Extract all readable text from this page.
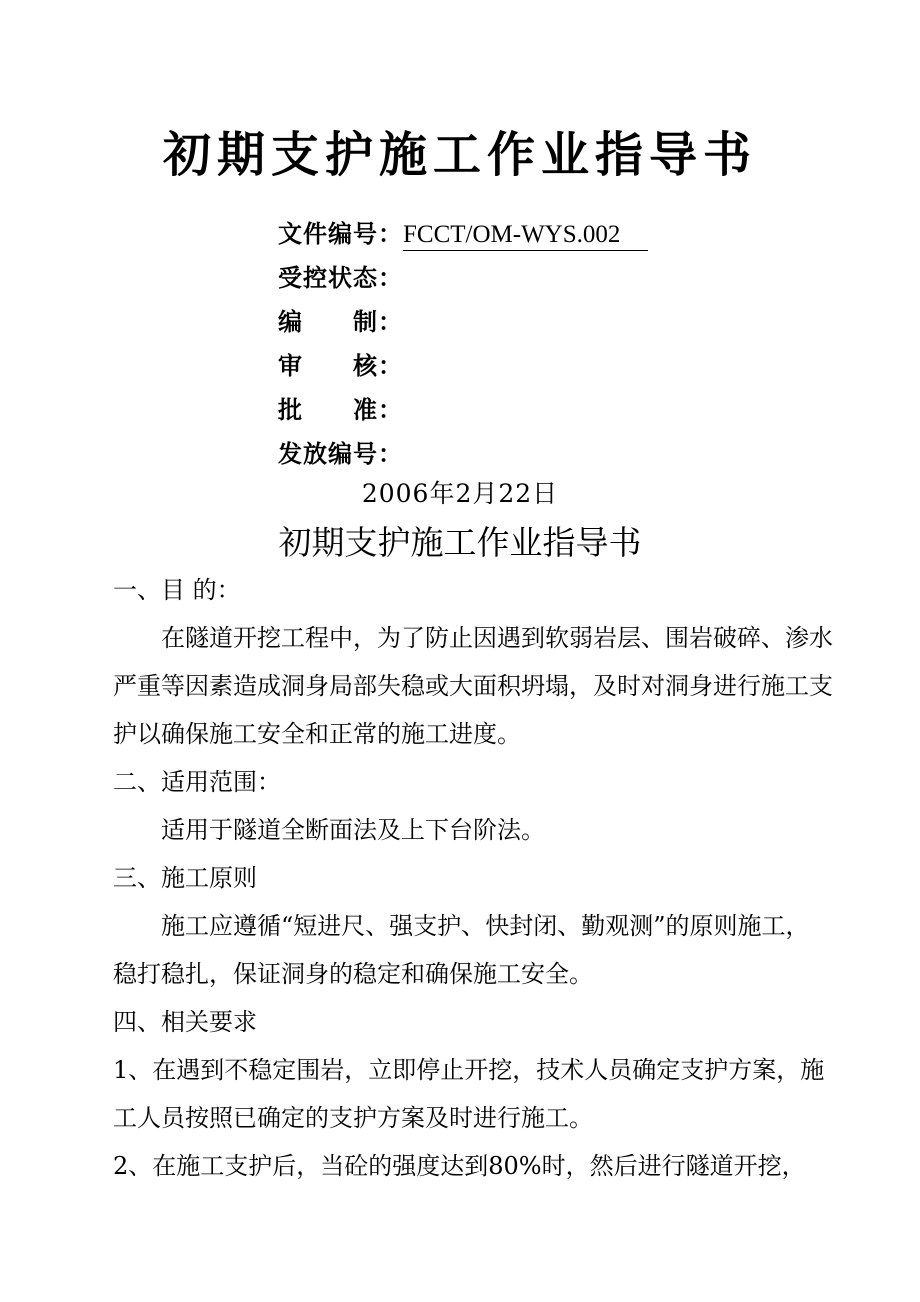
初期支护施工作业指导书
文件编号：FCCT/OM-WYS.002
受控状态：
编　　制：
审　　核：
批　　准：
发放编号：
2006年2月22日
初期支护施工作业指导书

一、目 的：

在隧道开挖工程中，为了防止因遇到软弱岩层、围岩破碎、渗水严重等因素造成洞身局部失稳或大面积坍塌，及时对洞身进行施工支护以确保施工安全和正常的施工进度。

二、适用范围：

适用于隧道全断面法及上下台阶法。

三、施工原则

施工应遵循“短进尺、强支护、快封闭、勤观测”的原则施工，稳打稳扎，保证洞身的稳定和确保施工安全。

四、相关要求

1、在遇到不稳定围岩，立即停止开挖，技术人员确定支护方案，施工人员按照已确定的支护方案及时进行施工。

2、在施工支护后，当砼的强度达到80%时，然后进行隧道开挖，
